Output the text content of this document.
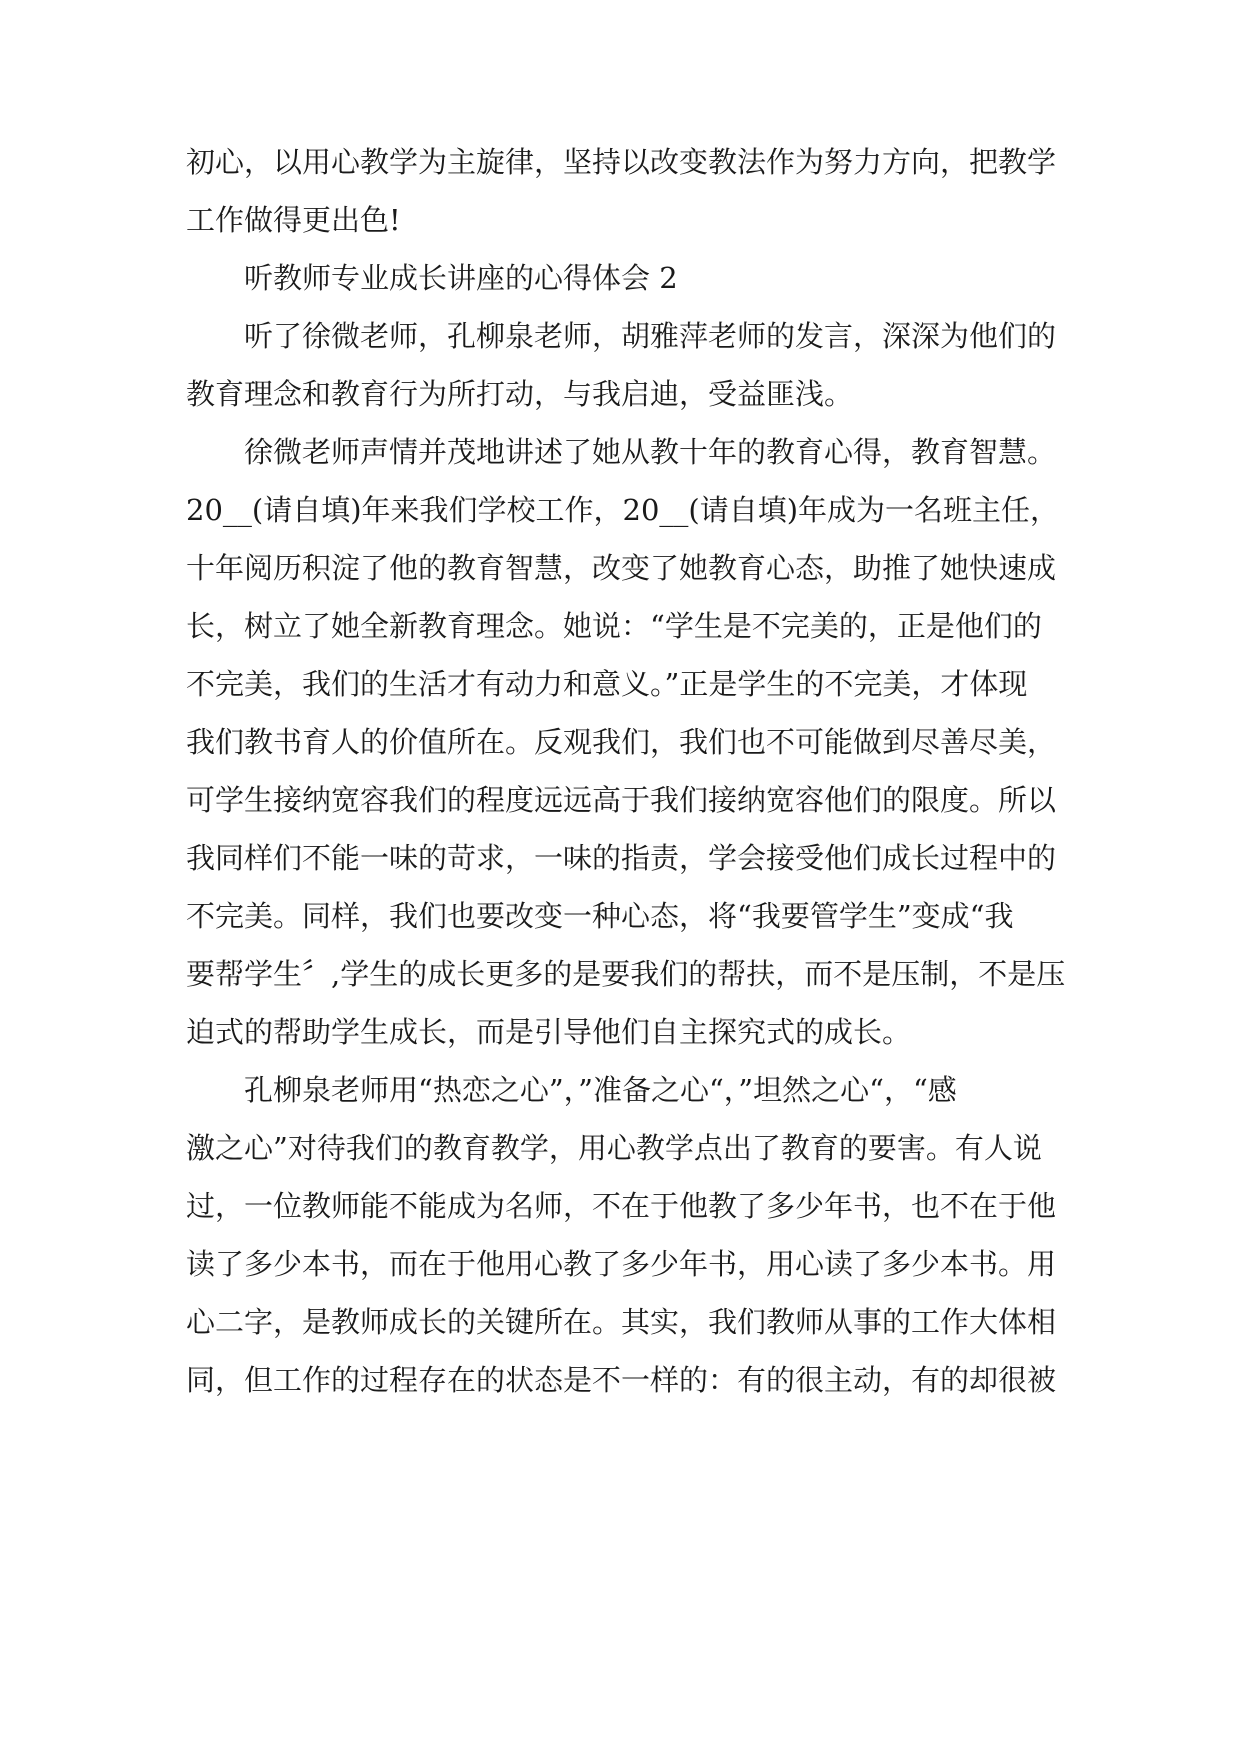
初心，以用心教学为主旋律，坚持以改变教法作为努力方向，把教学
工作做得更出色!
听教师专业成长讲座的心得体会 2
听了徐微老师，孔柳泉老师，胡雅萍老师的发言，深深为他们的
教育理念和教育行为所打动，与我启迪，受益匪浅。
徐微老师声情并茂地讲述了她从教十年的教育心得，教育智慧。
20__(请自填)年来我们学校工作，20__(请自填)年成为一名班主任，
十年阅历积淀了他的教育智慧，改变了她教育心态，助推了她快速成
长，树立了她全新教育理念。她说：“学生是不完美的，正是他们的
不完美，我们的生活才有动力和意义。”正是学生的不完美，才体现
我们教书育人的价值所在。反观我们，我们也不可能做到尽善尽美，
可学生接纳宽容我们的程度远远高于我们接纳宽容他们的限度。所以
我同样们不能一味的苛求，一味的指责，学会接受他们成长过程中的
不完美。同样，我们也要改变一种心态，将“我要管学生”变成“我
要帮学生〞,学生的成长更多的是要我们的帮扶，而不是压制，不是压
迫式的帮助学生成长，而是引导他们自主探究式的成长。
孔柳泉老师用“热恋之心”，”准备之心“，”坦然之心“，“感
激之心”对待我们的教育教学，用心教学点出了教育的要害。有人说
过，一位教师能不能成为名师，不在于他教了多少年书，也不在于他
读了多少本书，而在于他用心教了多少年书，用心读了多少本书。用
心二字，是教师成长的关键所在。其实，我们教师从事的工作大体相
同，但工作的过程存在的状态是不一样的：有的很主动，有的却很被
